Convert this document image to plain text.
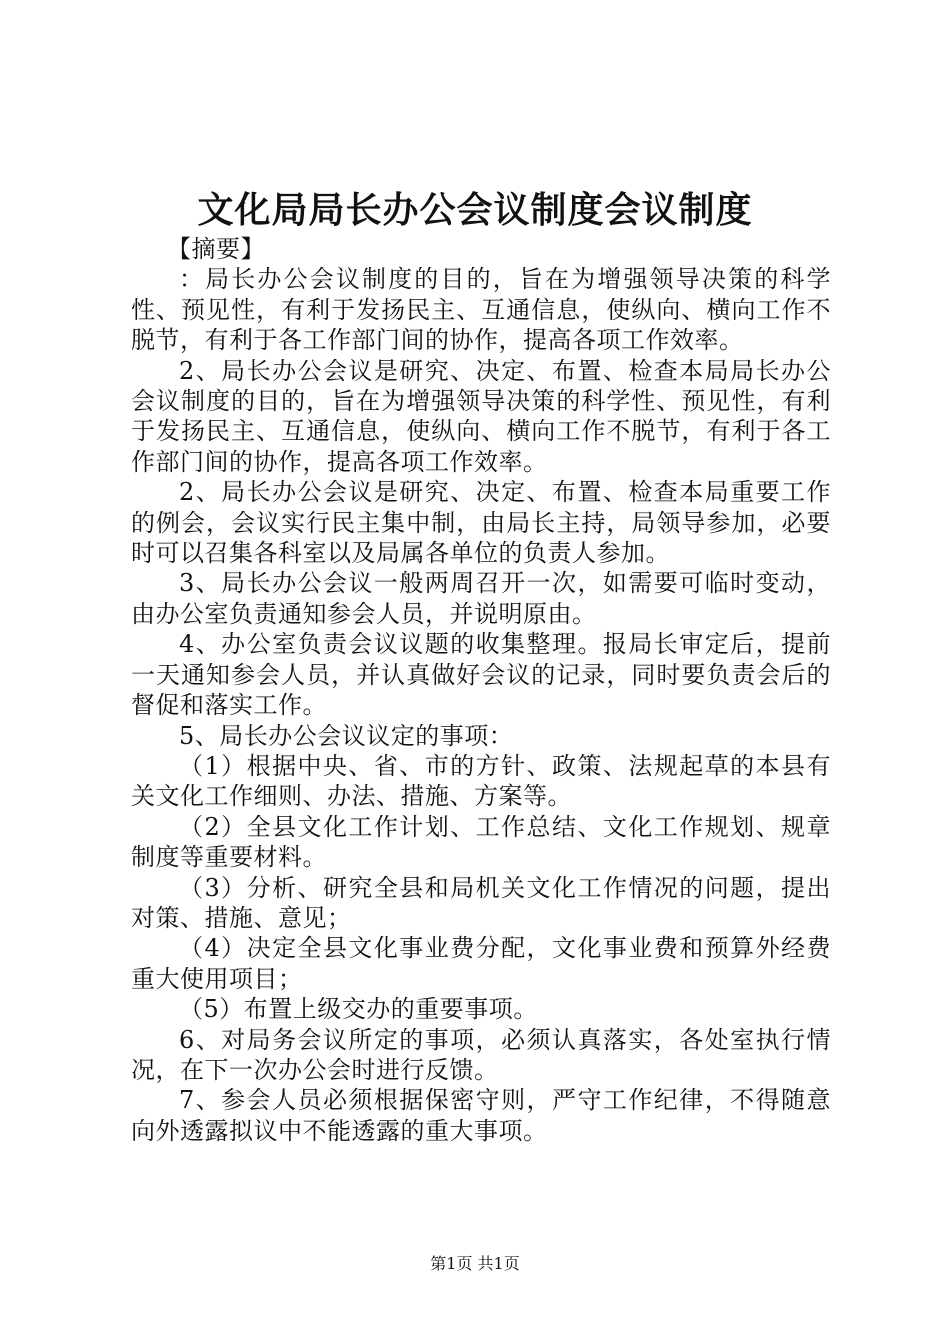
文化局局长办公会议制度会议制度

【摘要】

：局长办公会议制度的目的，旨在为增强领导决策的科学性、预见性，有利于发扬民主、互通信息，使纵向、横向工作不脱节，有利于各工作部门间的协作，提高各项工作效率。

2、局长办公会议是研究、决定、布置、检查本局局长办公会议制度的目的，旨在为增强领导决策的科学性、预见性，有利于发扬民主、互通信息，使纵向、横向工作不脱节，有利于各工作部门间的协作，提高各项工作效率。

2、局长办公会议是研究、决定、布置、检查本局重要工作的例会，会议实行民主集中制，由局长主持，局领导参加，必要时可以召集各科室以及局属各单位的负责人参加。

3、局长办公会议一般两周召开一次，如需要可临时变动，由办公室负责通知参会人员，并说明原由。

4、办公室负责会议议题的收集整理。报局长审定后，提前一天通知参会人员，并认真做好会议的记录，同时要负责会后的督促和落实工作。

5、局长办公会议议定的事项：

（1）根据中央、省、市的方针、政策、法规起草的本县有关文化工作细则、办法、措施、方案等。

（2）全县文化工作计划、工作总结、文化工作规划、规章制度等重要材料。

（3）分析、研究全县和局机关文化工作情况的问题，提出对策、措施、意见；

（4）决定全县文化事业费分配，文化事业费和预算外经费重大使用项目；

（5）布置上级交办的重要事项。

6、对局务会议所定的事项，必须认真落实，各处室执行情况，在下一次办公会时进行反馈。

7、参会人员必须根据保密守则，严守工作纪律，不得随意向外透露拟议中不能透露的重大事项。

第1页 共1页
